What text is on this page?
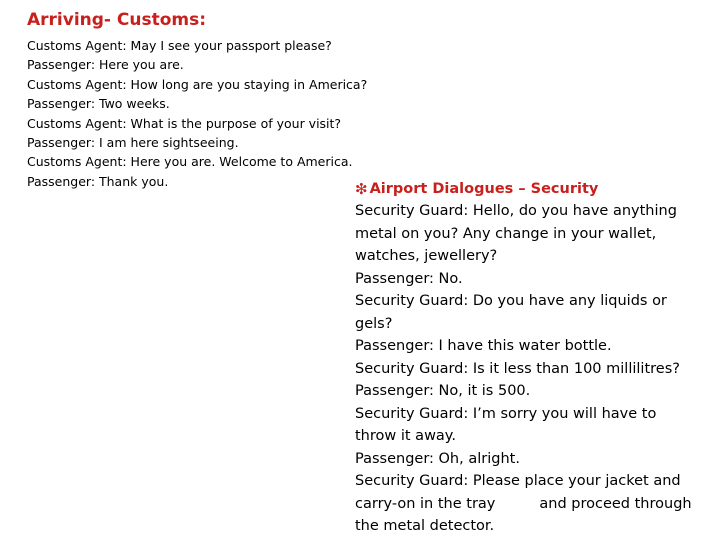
Arriving- Customs:
Customs Agent: May I see your passport please?
Passenger: Here you are.
Customs Agent: How long are you staying in America?
Passenger: Two weeks.
Customs Agent: What is the purpose of your visit?
Passenger: I am here sightseeing.
Customs Agent: Here you are. Welcome to America.
Passenger: Thank you.	❇ Airport Dialogues – Security
Security Guard: Hello, do you have anything
metal on you? Any change in your wallet,
watches, jewellery?
Passenger: No.
Security Guard: Do you have any liquids or
gels?
Passenger: I have this water bottle.
Security Guard: Is it less than 100 millilitres?
Passenger: No, it is 500.
Security Guard: I’m sorry you will have to
throw it away.
Passenger: Oh, alright.
Security Guard: Please place your jacket and
carry-on in the tray	and proceed through
the metal detector.
